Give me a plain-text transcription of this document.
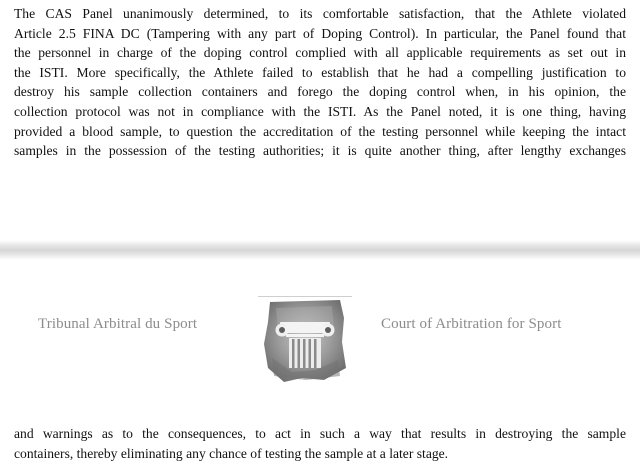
The CAS Panel unanimously determined, to its comfortable satisfaction, that the Athlete violated
Article 2.5 FINA DC (Tampering with any part of Doping Control). In particular, the Panel found that
the personnel in charge of the doping control complied with all applicable requirements as set out in
the ISTI. More specifically, the Athlete failed to establish that he had a compelling justification to
destroy his sample collection containers and forego the doping control when, in his opinion, the
collection protocol was not in compliance with the ISTI. As the Panel noted, it is one thing, having
provided a blood sample, to question the accreditation of the testing personnel while keeping the intact
samples in the possession of the testing authorities; it is quite another thing, after lengthy exchanges
Tribunal Arbitral du Sport	Court of Arbitration for Sport
and warnings as to the consequences, to act in such a way that results in destroying the sample
containers, thereby eliminating any chance of testing the sample at a later stage.
